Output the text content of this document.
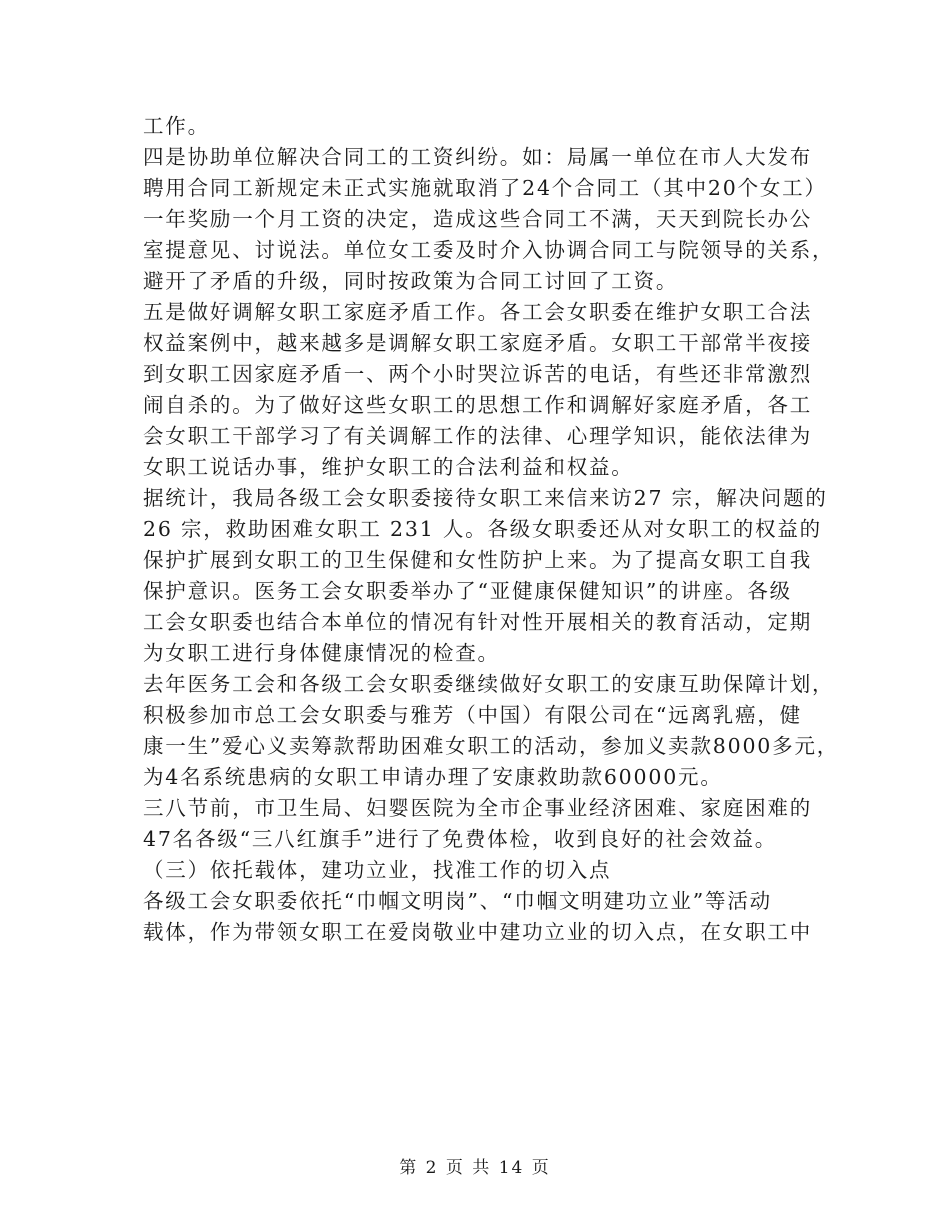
工作。

四是协助单位解决合同工的工资纠纷。如：局属一单位在市人大发布

聘用合同工新规定未正式实施就取消了24个合同工（其中20个女工）

一年奖励一个月工资的决定，造成这些合同工不满，天天到院长办公

室提意见、讨说法。单位女工委及时介入协调合同工与院领导的关系，

避开了矛盾的升级，同时按政策为合同工讨回了工资。

五是做好调解女职工家庭矛盾工作。各工会女职委在维护女职工合法

权益案例中，越来越多是调解女职工家庭矛盾。女职工干部常半夜接

到女职工因家庭矛盾一、两个小时哭泣诉苦的电话，有些还非常激烈

闹自杀的。为了做好这些女职工的思想工作和调解好家庭矛盾，各工

会女职工干部学习了有关调解工作的法律、心理学知识，能依法律为

女职工说话办事，维护女职工的合法利益和权益。

据统计，我局各级工会女职委接待女职工来信来访27 宗，解决问题的

26 宗，救助困难女职工 231 人。各级女职委还从对女职工的权益的

保护扩展到女职工的卫生保健和女性防护上来。为了提高女职工自我

保护意识。医务工会女职委举办了“亚健康保健知识”的讲座。各级

工会女职委也结合本单位的情况有针对性开展相关的教育活动，定期

为女职工进行身体健康情况的检查。

去年医务工会和各级工会女职委继续做好女职工的安康互助保障计划，

积极参加市总工会女职委与雅芳（中国）有限公司在“远离乳癌，健

康一生”爱心义卖筹款帮助困难女职工的活动，参加义卖款8000多元，

为4名系统患病的女职工申请办理了安康救助款60000元。

三八节前，市卫生局、妇婴医院为全市企事业经济困难、家庭困难的

47名各级“三八红旗手”进行了免费体检，收到良好的社会效益。

（三）依托载体，建功立业，找准工作的切入点

各级工会女职委依托“巾帼文明岗”、“巾帼文明建功立业”等活动

载体，作为带领女职工在爱岗敬业中建功立业的切入点，在女职工中

第 2 页 共 14 页
